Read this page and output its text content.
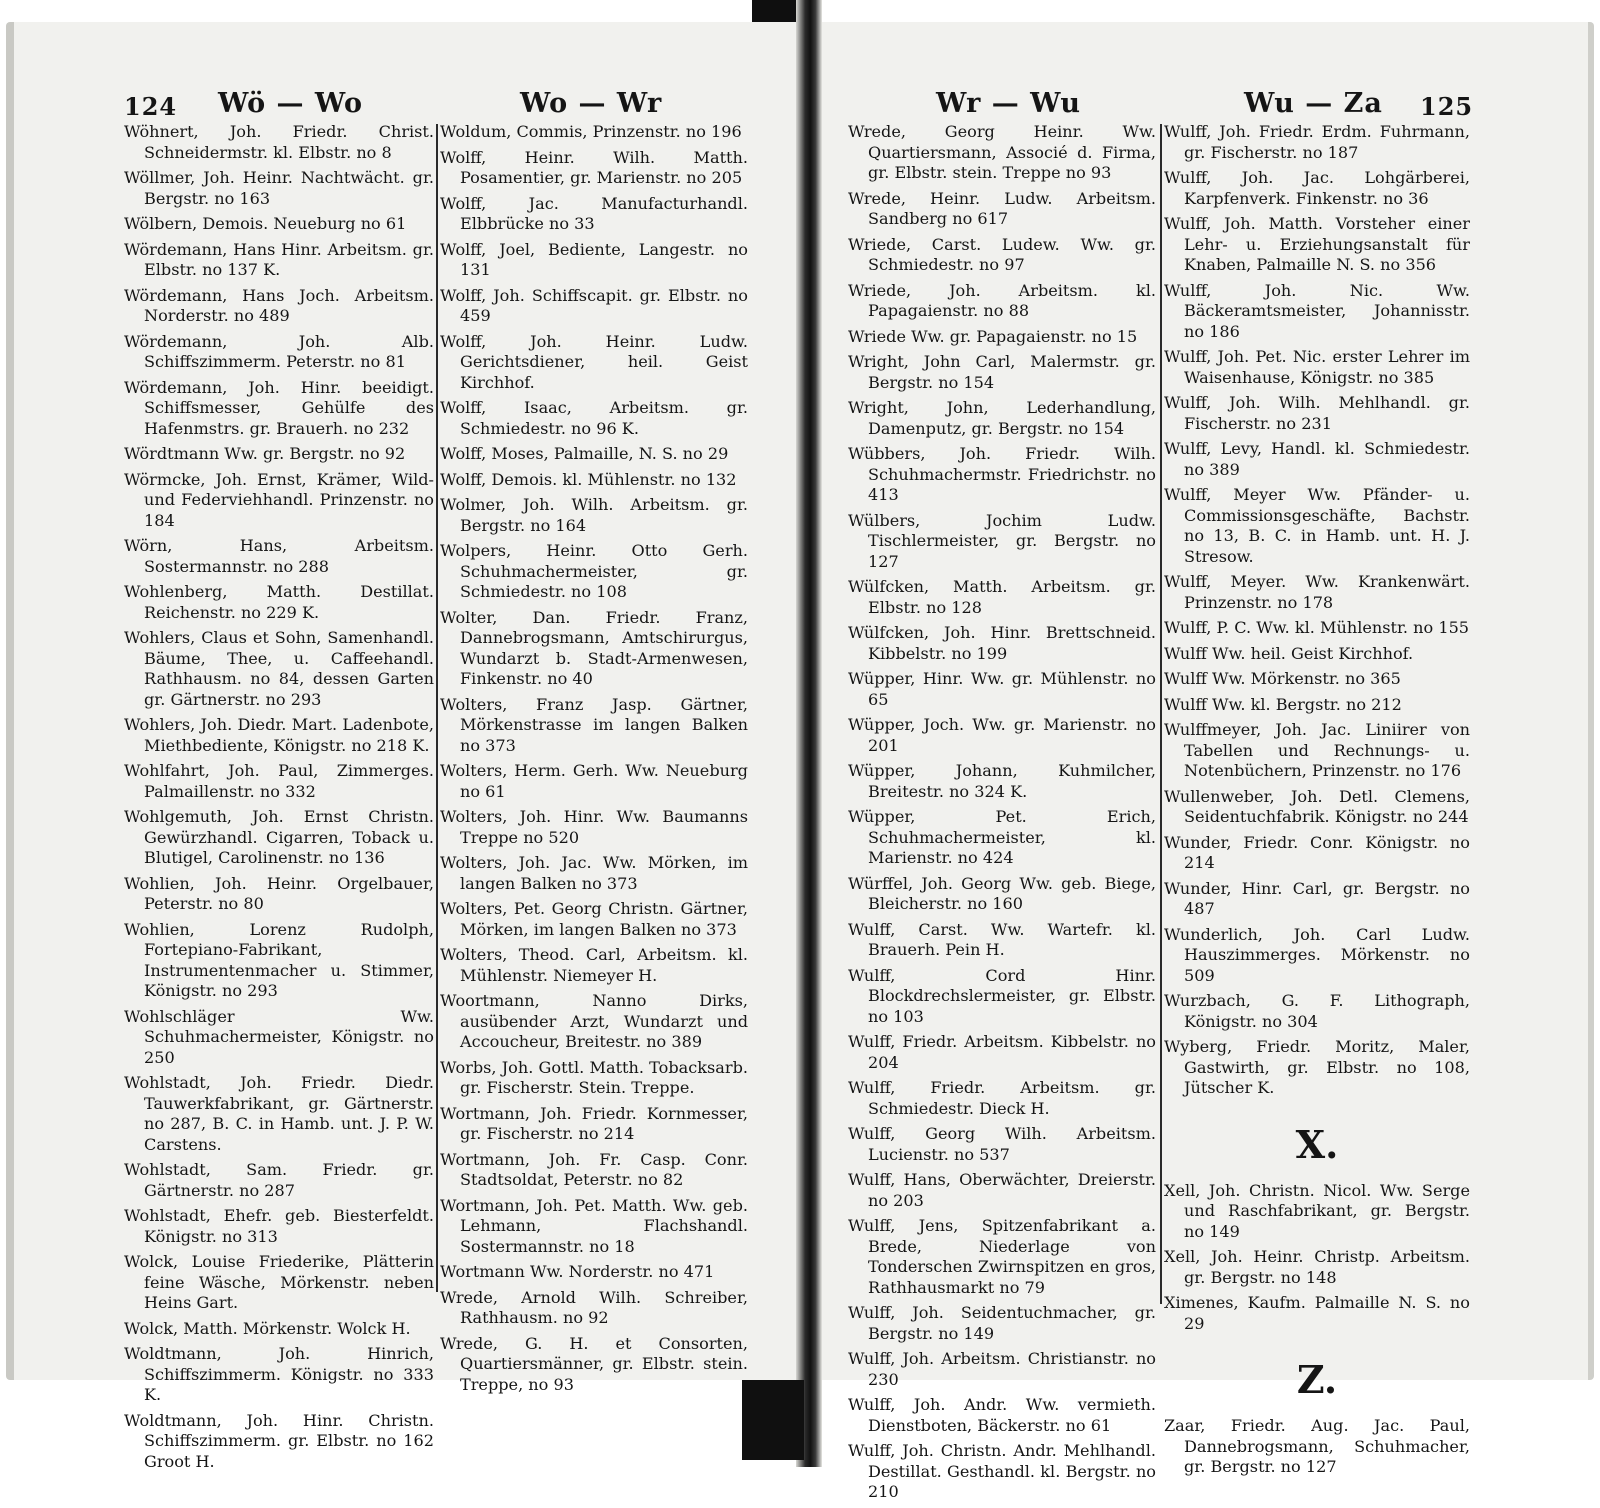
124 Wö — Wo	Wo — Wr	Wr — Wu	Wu — Za 125

Wöhnert, Joh. Friedr. Christ. Schneidermstr. kl. Elbstr. no 8

Wöllmer, Joh. Heinr. Nachtwächt. gr. Bergstr. no 163

Wölbern, Demois. Neueburg no 61

Wördemann, Hans Hinr. Arbeitsm. gr. Elbstr. no 137 K.

Wördemann, Hans Joch. Arbeitsm. Norderstr. no 489

Wördemann, Joh. Alb. Schiffszimmerm. Peterstr. no 81

Wördemann, Joh. Hinr. beeidigt. Schiffsmesser, Gehülfe des Hafenmstrs. gr. Brauerh. no 232

Wördtmann Ww. gr. Bergstr. no 92

Wörmcke, Joh. Ernst, Krämer, Wild- und Federviehhandl. Prinzenstr. no 184

Wörn, Hans, Arbeitsm. Sostermannstr. no 288

Wohlenberg, Matth. Destillat. Reichenstr. no 229 K.

Wohlers, Claus et Sohn, Samenhandl. Bäume, Thee, u. Caffeehandl. Rathhausm. no 84, dessen Garten gr. Gärtnerstr. no 293

Wohlers, Joh. Diedr. Mart. Ladenbote, Miethbediente, Königstr. no 218 K.

Wohlfahrt, Joh. Paul, Zimmerges. Palmaillenstr. no 332

Wohlgemuth, Joh. Ernst Christn. Gewürzhandl. Cigarren, Toback u. Blutigel, Carolinenstr. no 136

Wohlien, Joh. Heinr. Orgelbauer, Peterstr. no 80

Wohlien, Lorenz Rudolph, Fortepiano-Fabrikant, Instrumentenmacher u. Stimmer, Königstr. no 293

Wohlschläger Ww. Schuhmachermeister, Königstr. no 250

Wohlstadt, Joh. Friedr. Diedr. Tauwerkfabrikant, gr. Gärtnerstr. no 287, B. C. in Hamb. unt. J. P. W. Carstens.

Wohlstadt, Sam. Friedr. gr. Gärtnerstr. no 287

Wohlstadt, Ehefr. geb. Biesterfeldt. Königstr. no 313

Wolck, Louise Friederike, Plätterin feine Wäsche, Mörkenstr. neben Heins Gart.

Wolck, Matth. Mörkenstr. Wolck H.

Woldtmann, Joh. Hinrich, Schiffszimmerm. Königstr. no 333 K.

Woldtmann, Joh. Hinr. Christn. Schiffszimmerm. gr. Elbstr. no 162 Groot H.

Woldum, Commis, Prinzenstr. no 196

Wolff, Heinr. Wilh. Matth. Posamentier, gr. Marienstr. no 205

Wolff, Jac. Manufacturhandl. Elbbrücke no 33

Wolff, Joel, Bediente, Langestr. no 131

Wolff, Joh. Schiffscapit. gr. Elbstr. no 459

Wolff, Joh. Heinr. Ludw. Gerichtsdiener, heil. Geist Kirchhof.

Wolff, Isaac, Arbeitsm. gr. Schmiedestr. no 96 K.

Wolff, Moses, Palmaille, N. S. no 29

Wolff, Demois. kl. Mühlenstr. no 132

Wolmer, Joh. Wilh. Arbeitsm. gr. Bergstr. no 164

Wolpers, Heinr. Otto Gerh. Schuhmachermeister, gr. Schmiedestr. no 108

Wolter, Dan. Friedr. Franz, Dannebrogsmann, Amtschirurgus, Wundarzt b. Stadt-Armenwesen, Finkenstr. no 40

Wolters, Franz Jasp. Gärtner, Mörkenstrasse im langen Balken no 373

Wolters, Herm. Gerh. Ww. Neueburg no 61

Wolters, Joh. Hinr. Ww. Baumanns Treppe no 520

Wolters, Joh. Jac. Ww. Mörken, im langen Balken no 373

Wolters, Pet. Georg Christn. Gärtner, Mörken, im langen Balken no 373

Wolters, Theod. Carl, Arbeitsm. kl. Mühlenstr. Niemeyer H.

Woortmann, Nanno Dirks, ausübender Arzt, Wundarzt und Accoucheur, Breitestr. no 389

Worbs, Joh. Gottl. Matth. Tobacksarb. gr. Fischerstr. Stein. Treppe.

Wortmann, Joh. Friedr. Kornmesser, gr. Fischerstr. no 214

Wortmann, Joh. Fr. Casp. Conr. Stadtsoldat, Peterstr. no 82

Wortmann, Joh. Pet. Matth. Ww. geb. Lehmann, Flachshandl. Sostermannstr. no 18

Wortmann Ww. Norderstr. no 471

Wrede, Arnold Wilh. Schreiber, Rathhausm. no 92

Wrede, G. H. et Consorten, Quartiersmänner, gr. Elbstr. stein. Treppe, no 93

Wrede, Georg Heinr. Ww. Quartiersmann, Associé d. Firma, gr. Elbstr. stein. Treppe no 93

Wrede, Heinr. Ludw. Arbeitsm. Sandberg no 617

Wriede, Carst. Ludew. Ww. gr. Schmiedestr. no 97

Wriede, Joh. Arbeitsm. kl. Papagaienstr. no 88

Wriede Ww. gr. Papagaienstr. no 15

Wright, John Carl, Malermstr. gr. Bergstr. no 154

Wright, John, Lederhandlung, Damenputz, gr. Bergstr. no 154

Wübbers, Joh. Friedr. Wilh. Schuhmachermstr. Friedrichstr. no 413

Wülbers, Jochim Ludw. Tischlermeister, gr. Bergstr. no 127

Wülfcken, Matth. Arbeitsm. gr. Elbstr. no 128

Wülfcken, Joh. Hinr. Brettschneid. Kibbelstr. no 199

Wüpper, Hinr. Ww. gr. Mühlenstr. no 65

Wüpper, Joch. Ww. gr. Marienstr. no 201

Wüpper, Johann, Kuhmilcher, Breitestr. no 324 K.

Wüpper, Pet. Erich, Schuhmachermeister, kl. Marienstr. no 424

Würffel, Joh. Georg Ww. geb. Biege, Bleicherstr. no 160

Wulff, Carst. Ww. Wartefr. kl. Brauerh. Pein H.

Wulff, Cord Hinr. Blockdrechslermeister, gr. Elbstr. no 103

Wulff, Friedr. Arbeitsm. Kibbelstr. no 204

Wulff, Friedr. Arbeitsm. gr. Schmiedestr. Dieck H.

Wulff, Georg Wilh. Arbeitsm. Lucienstr. no 537

Wulff, Hans, Oberwächter, Dreierstr. no 203

Wulff, Jens, Spitzenfabrikant a. Brede, Niederlage von Tonderschen Zwirnspitzen en gros, Rathhausmarkt no 79

Wulff, Joh. Seidentuchmacher, gr. Bergstr. no 149

Wulff, Joh. Arbeitsm. Christianstr. no 230

Wulff, Joh. Andr. Ww. vermieth. Dienstboten, Bäckerstr. no 61

Wulff, Joh. Christn. Andr. Mehlhandl. Destillat. Gesthandl. kl. Bergstr. no 210

Wulff, Joh. Friedr. Erdm. Fuhrmann, gr. Fischerstr. no 187

Wulff, Joh. Jac. Lohgärberei, Karpfenverk. Finkenstr. no 36

Wulff, Joh. Matth. Vorsteher einer Lehr- u. Erziehungsanstalt für Knaben, Palmaille N. S. no 356

Wulff, Joh. Nic. Ww. Bäckeramtsmeister, Johannisstr. no 186

Wulff, Joh. Pet. Nic. erster Lehrer im Waisenhause, Königstr. no 385

Wulff, Joh. Wilh. Mehlhandl. gr. Fischerstr. no 231

Wulff, Levy, Handl. kl. Schmiedestr. no 389

Wulff, Meyer Ww. Pfänder- u. Commissionsgeschäfte, Bachstr. no 13, B. C. in Hamb. unt. H. J. Stresow.

Wulff, Meyer. Ww. Krankenwärt. Prinzenstr. no 178

Wulff, P. C. Ww. kl. Mühlenstr. no 155

Wulff Ww. heil. Geist Kirchhof.

Wulff Ww. Mörkenstr. no 365

Wulff Ww. kl. Bergstr. no 212

Wulffmeyer, Joh. Jac. Liniirer von Tabellen und Rechnungs- u. Notenbüchern, Prinzenstr. no 176

Wullenweber, Joh. Detl. Clemens, Seidentuchfabrik. Königstr. no 244

Wunder, Friedr. Conr. Königstr. no 214

Wunder, Hinr. Carl, gr. Bergstr. no 487

Wunderlich, Joh. Carl Ludw. Hauszimmerges. Mörkenstr. no 509

Wurzbach, G. F. Lithograph, Königstr. no 304

Wyberg, Friedr. Moritz, Maler, Gastwirth, gr. Elbstr. no 108, Jütscher K.

X.

Xell, Joh. Christn. Nicol. Ww. Serge und Raschfabrikant, gr. Bergstr. no 149

Xell, Joh. Heinr. Christp. Arbeitsm. gr. Bergstr. no 148

Ximenes, Kaufm. Palmaille N. S. no 29

Z.

Zaar, Friedr. Aug. Jac. Paul, Dannebrogsmann, Schuhmacher, gr. Bergstr. no 127
